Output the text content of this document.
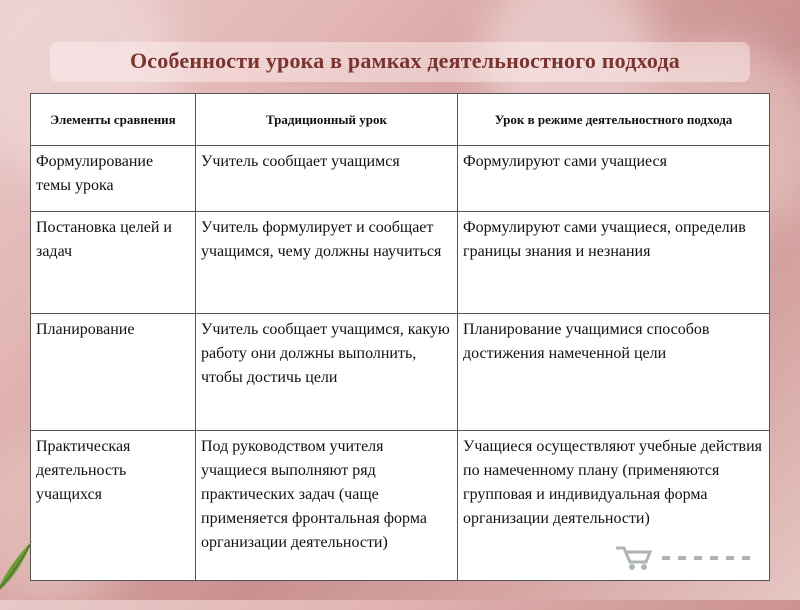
Особенности урока в рамках деятельностного подхода
Элементы сравнения	Традиционный урок	Урок в режиме деятельностного подхода
Формулирование темы урока	Учитель сообщает учащимся	Формулируют сами учащиеся
Постановка целей и задач	Учитель формулирует и сообщает учащимся, чему должны научиться	Формулируют сами учащиеся, определив границы знания и незнания
Планирование	Учитель сообщает учащимся, какую работу они должны выполнить, чтобы достичь цели	Планирование учащимися способов достижения намеченной цели
Практическая деятельность учащихся	Под руководством учителя учащиеся выполняют ряд практических задач (чаще применяется фронтальная форма организации деятельности)	Учащиеся осуществляют учебные действия по намеченному плану (применяются групповая и индивидуальная форма организации деятельности)
